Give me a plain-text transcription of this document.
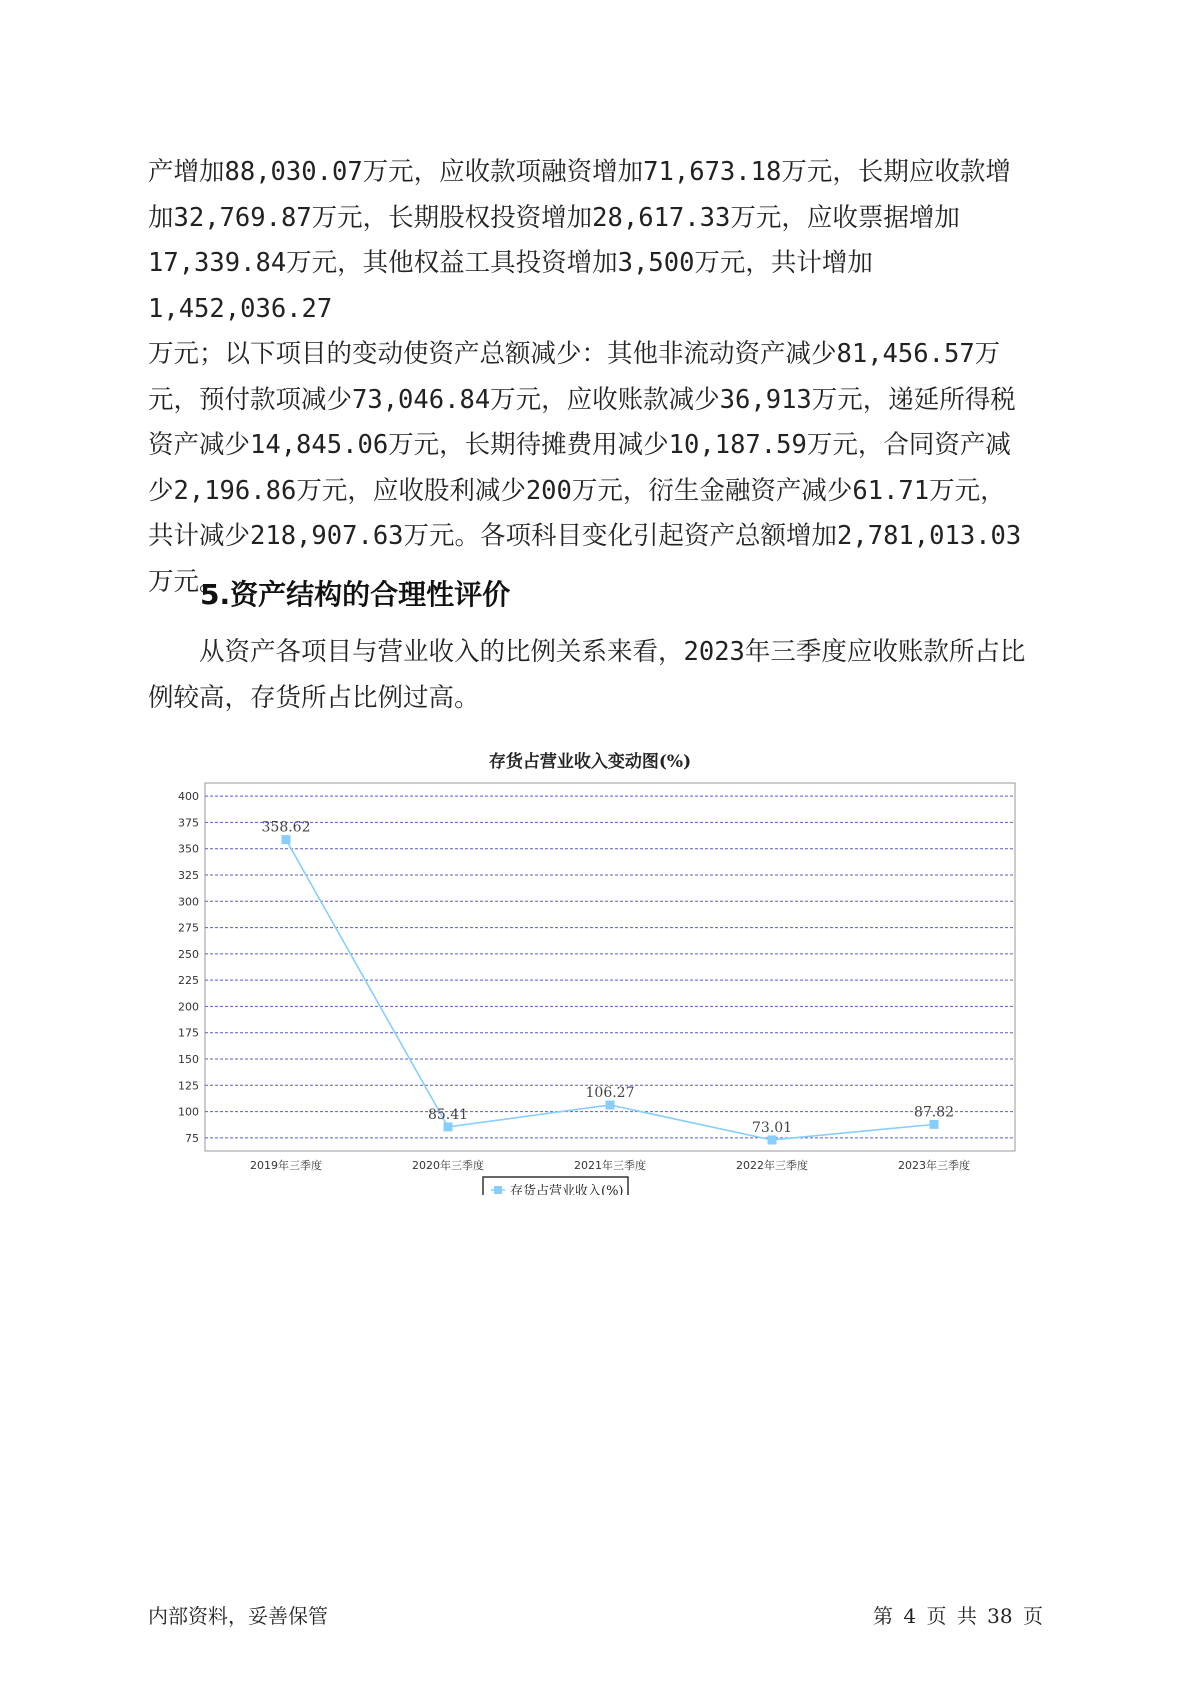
产增加88,030.07万元，应收款项融资增加71,673.18万元，长期应收款增

加32,769.87万元，长期股权投资增加28,617.33万元，应收票据增加

17,339.84万元，其他权益工具投资增加3,500万元，共计增加1,452,036.27

万元；以下项目的变动使资产总额减少：其他非流动资产减少81,456.57万

元，预付款项减少73,046.84万元，应收账款减少36,913万元，递延所得税

资产减少14,845.06万元，长期待摊费用减少10,187.59万元，合同资产减

少2,196.86万元，应收股利减少200万元，衍生金融资产减少61.71万元，

共计减少218,907.63万元。各项科目变化引起资产总额增加2,781,013.03

万元。

5.资产结构的合理性评价

从资产各项目与营业收入的比例关系来看，2023年三季度应收账款所占比例较高，存货所占比例过高。

存货占营业收入变动图(%)
75
100
125
150
175
200
225
250
275
300
325
350
375
400
2019年三季度	2020年三季度	2021年三季度	2022年三季度	2023年三季度
358.62
85.41
106.27
73.01
87.82
存货占营业收入(%)
内部资料，妥善保管	第 4 页 共 38 页
